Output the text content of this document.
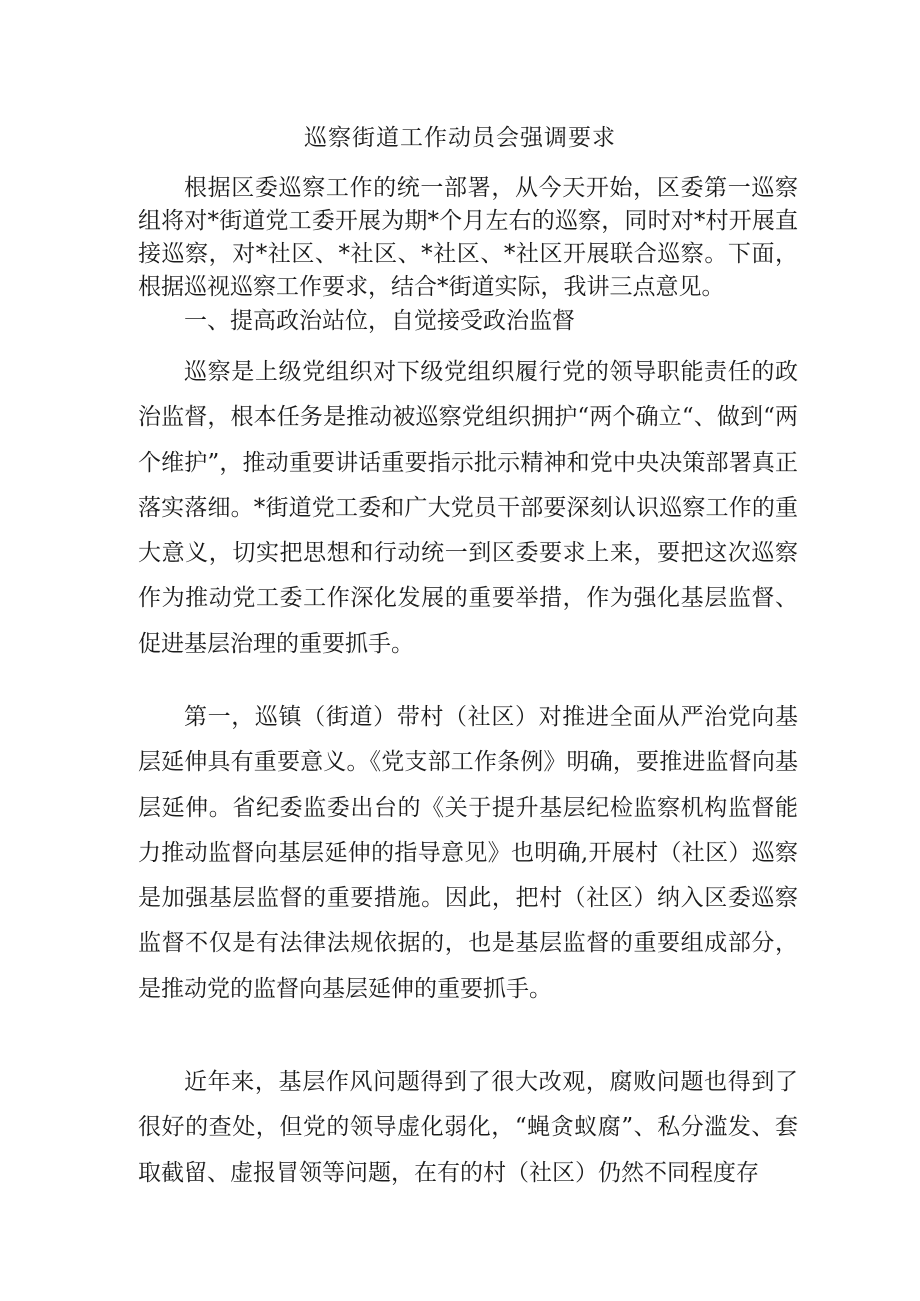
巡察街道工作动员会强调要求

根据区委巡察工作的统一部署，从今天开始，区委第一巡察组将对*街道党工委开展为期*个月左右的巡察，同时对*村开展直接巡察，对*社区、*社区、*社区、*社区开展联合巡察。下面，根据巡视巡察工作要求，结合*街道实际，我讲三点意见。

一、提高政治站位，自觉接受政治监督

巡察是上级党组织对下级党组织履行党的领导职能责任的政治监督，根本任务是推动被巡察党组织拥护“两个确立“、做到“两个维护”，推动重要讲话重要指示批示精神和党中央决策部署真正落实落细。*街道党工委和广大党员干部要深刻认识巡察工作的重大意义，切实把思想和行动统一到区委要求上来，要把这次巡察作为推动党工委工作深化发展的重要举措，作为强化基层监督、促进基层治理的重要抓手。

第一，巡镇（街道）带村（社区）对推进全面从严治党向基层延伸具有重要意义。《党支部工作条例》明确，要推进监督向基层延伸。省纪委监委出台的《关于提升基层纪检监察机构监督能力推动监督向基层延伸的指导意见》也明确,开展村（社区）巡察是加强基层监督的重要措施。因此，把村（社区）纳入区委巡察监督不仅是有法律法规依据的，也是基层监督的重要组成部分，是推动党的监督向基层延伸的重要抓手。

近年来，基层作风问题得到了很大改观，腐败问题也得到了很好的查处，但党的领导虚化弱化，“蝇贪蚁腐”、私分滥发、套取截留、虚报冒领等问题，在有的村（社区）仍然不同程度存
